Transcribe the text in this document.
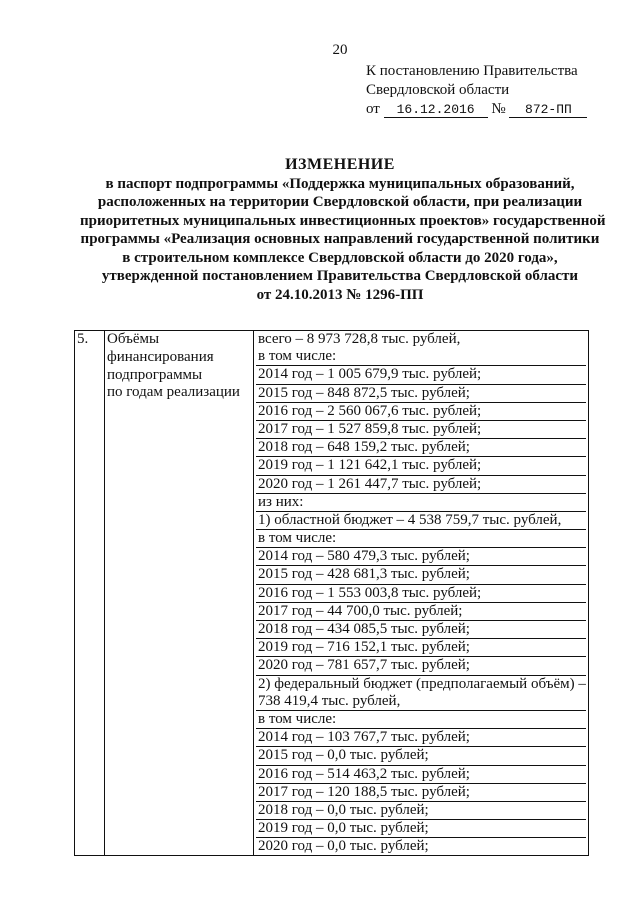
20
К постановлению Правительства
Свердловской области
от 16.12.2016 № 872-ПП
ИЗМЕНЕНИЕ
в паспорт подпрограммы «Поддержка муниципальных образований,
расположенных на территории Свердловской области, при реализации
приоритетных муниципальных инвестиционных проектов» государственной
программы «Реализация основных направлений государственной политики
в строительном комплексе Свердловской области до 2020 года»,
утвержденной постановлением Правительства Свердловской области
от 24.10.2013 № 1296-ПП
5.	Объёмы
финансирования
подпрограммы
по годам реализации

всего – 8 973 728,8 тыс. рублей,
в том числе:
2014 год – 1 005 679,9 тыс. рублей;
2015 год – 848 872,5 тыс. рублей;
2016 год – 2 560 067,6 тыс. рублей;
2017 год – 1 527 859,8 тыс. рублей;
2018 год – 648 159,2 тыс. рублей;
2019 год – 1 121 642,1 тыс. рублей;
2020 год – 1 261 447,7 тыс. рублей;
из них:
1) областной бюджет – 4 538 759,7 тыс. рублей,
в том числе:
2014 год – 580 479,3 тыс. рублей;
2015 год – 428 681,3 тыс. рублей;
2016 год – 1 553 003,8 тыс. рублей;
2017 год – 44 700,0 тыс. рублей;
2018 год – 434 085,5 тыс. рублей;
2019 год – 716 152,1 тыс. рублей;
2020 год – 781 657,7 тыс. рублей;
2) федеральный бюджет (предполагаемый объём) –
738 419,4 тыс. рублей,
в том числе:
2014 год – 103 767,7 тыс. рублей;
2015 год – 0,0 тыс. рублей;
2016 год – 514 463,2 тыс. рублей;
2017 год – 120 188,5 тыс. рублей;
2018 год – 0,0 тыс. рублей;
2019 год – 0,0 тыс. рублей;
2020 год – 0,0 тыс. рублей;
